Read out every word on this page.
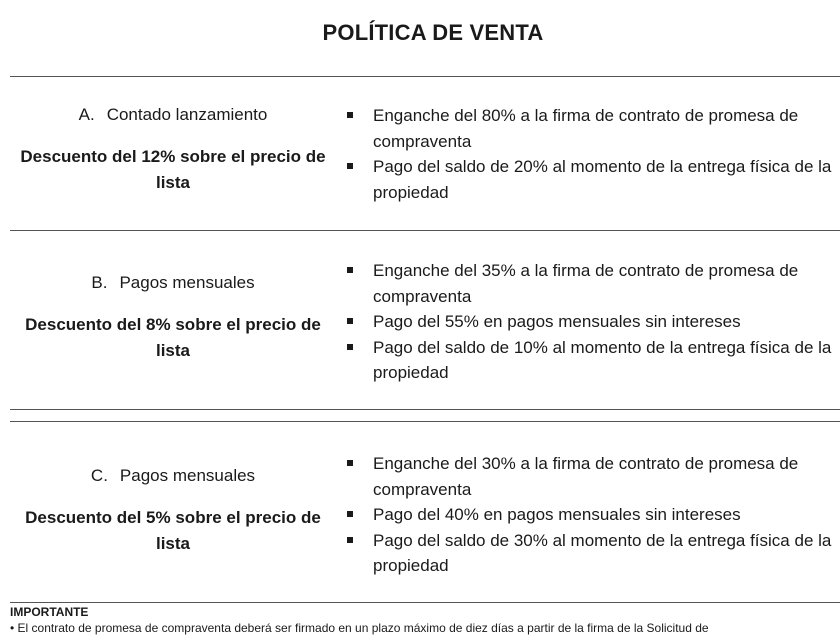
POLÍTICA DE VENTA
A. Contado lanzamiento
Descuento del 12% sobre el precio de lista
Enganche del 80% a la firma de contrato de promesa de compraventa
Pago del saldo de 20% al momento de la entrega física de la propiedad
B. Pagos mensuales
Descuento del 8% sobre el precio de lista
Enganche del 35% a la firma de contrato de promesa de compraventa
Pago del 55% en pagos mensuales sin intereses
Pago del saldo de 10% al momento de la entrega física de la propiedad
C. Pagos mensuales
Descuento del 5% sobre el precio de lista
Enganche del 30% a la firma de contrato de promesa de compraventa
Pago del 40% en pagos mensuales sin intereses
Pago del saldo de 30% al momento de la entrega física de la propiedad
IMPORTANTE
• El contrato de promesa de compraventa deberá ser firmado en un plazo máximo de diez días a partir de la firma de la Solicitud de
